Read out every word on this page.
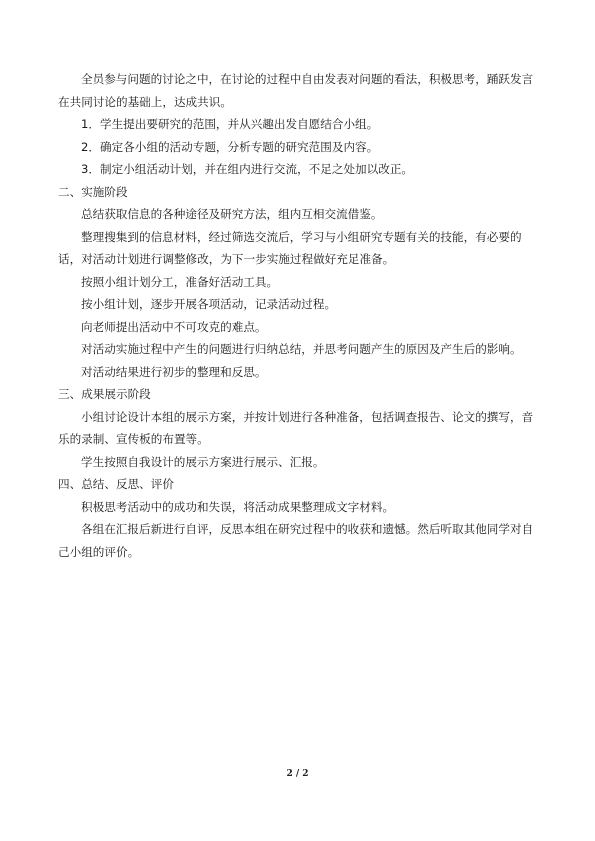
全员参与问题的讨论之中，在讨论的过程中自由发表对问题的看法，积极思考，踊跃发言在共同讨论的基础上，达成共识。

1．学生提出要研究的范围，并从兴趣出发自愿结合小组。

2．确定各小组的活动专题，分析专题的研究范围及内容。

3．制定小组活动计划，并在组内进行交流，不足之处加以改正。

二、实施阶段

总结获取信息的各种途径及研究方法，组内互相交流借鉴。

整理搜集到的信息材料，经过筛选交流后，学习与小组研究专题有关的技能，有必要的话，对活动计划进行调整修改，为下一步实施过程做好充足准备。

按照小组计划分工，准备好活动工具。

按小组计划，逐步开展各项活动，记录活动过程。

向老师提出活动中不可攻克的难点。

对活动实施过程中产生的问题进行归纳总结，并思考问题产生的原因及产生后的影响。

对活动结果进行初步的整理和反思。

三、成果展示阶段

小组讨论设计本组的展示方案，并按计划进行各种准备，包括调查报告、论文的撰写，音乐的录制、宣传板的布置等。

学生按照自我设计的展示方案进行展示、汇报。

四、总结、反思、评价

积极思考活动中的成功和失误，将活动成果整理成文字材料。

各组在汇报后新进行自评，反思本组在研究过程中的收获和遗憾。然后听取其他同学对自己小组的评价。

2 / 2
